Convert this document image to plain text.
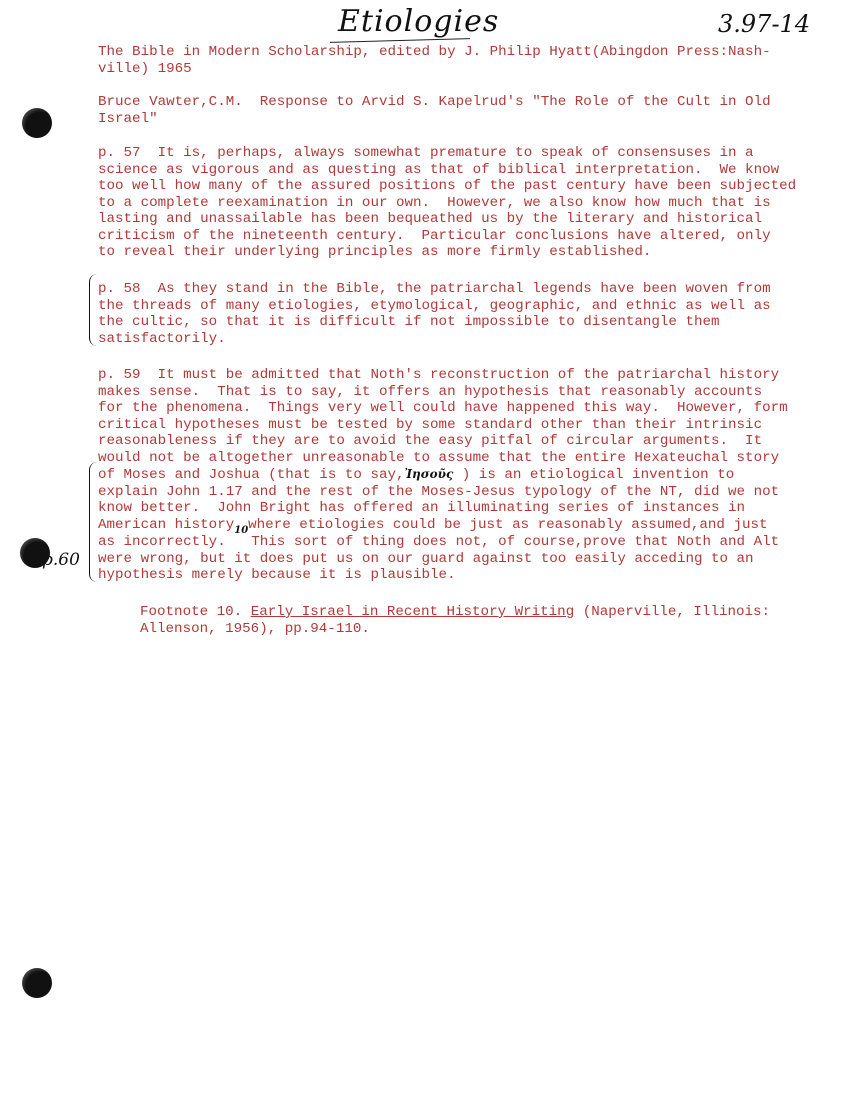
Etiologies	3.97-14
p.60
The Bible in Modern Scholarship, edited by J. Philip Hyatt(Abingdon Press:Nash-
ville) 1965
Bruce Vawter,C.M.  Response to Arvid S. Kapelrud's "The Role of the Cult in Old
Israel"
p. 57  It is, perhaps, always somewhat premature to speak of consensuses in a
science as vigorous and as questing as that of biblical interpretation.  We know
too well how many of the assured positions of the past century have been subjected
to a complete reexamination in our own.  However, we also know how much that is
lasting and unassailable has been bequeathed us by the literary and historical
criticism of the nineteenth century.  Particular conclusions have altered, only
to reveal their underlying principles as more firmly established.
p. 58  As they stand in the Bible, the patriarchal legends have been woven from
the threads of many etiologies, etymological, geographic, and ethnic as well as
the cultic, so that it is difficult if not impossible to disentangle them
satisfactorily.
p. 59  It must be admitted that Noth's reconstruction of the patriarchal history
makes sense.  That is to say, it offers an hypothesis that reasonably accounts
for the phenomena.  Things very well could have happened this way.  However, form
critical hypotheses must be tested by some standard other than their intrinsic
reasonableness if they are to avoid the easy pitfal of circular arguments.  It
would not be altogether unreasonable to assume that the entire Hexateuchal story
of Moses and Joshua (that is to say,Ἰησοῦς ) is an etiological invention to
explain John 1.17 and the rest of the Moses-Jesus typology of the NT, did we not
know better.  John Bright has offered an illuminating series of instances in
American history$_{10}$where etiologies could be just as reasonably assumed,and just
as incorrectly.   This sort of thing does not, of course,prove that Noth and Alt
were wrong, but it does put us on our guard against too easily acceding to an
hypothesis merely because it is plausible.
Footnote 10. Early Israel in Recent History Writing (Naperville, Illinois:
Allenson, 1956), pp.94-110.
